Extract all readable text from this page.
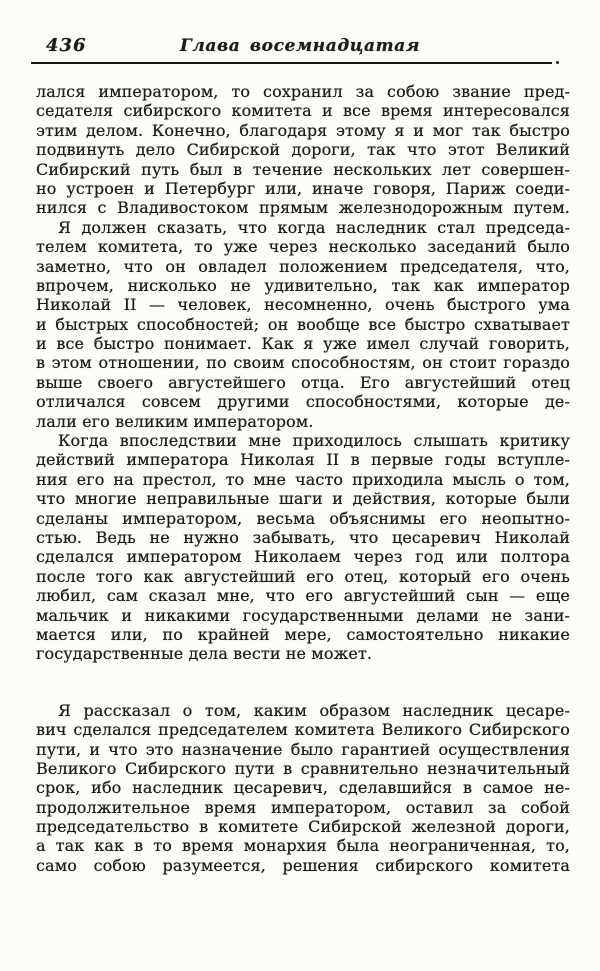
436	Глава восемнадцатая
лался императором, то сохранил за собою звание пред-
седателя сибирского комитета и все время интересовался
этим делом. Конечно, благодаря этому я и мог так быстро
подвинуть дело Сибирской дороги, так что этот Великий
Сибирский путь был в течение нескольких лет совершен-
но устроен и Петербург или, иначе говоря, Париж соеди-
нился с Владивостоком прямым железнодорожным путем.
Я должен сказать, что когда наследник стал председа-
телем комитета, то уже через несколько заседаний было
заметно, что он овладел положением председателя, что,
впрочем, нисколько не удивительно, так как император
Николай II — человек, несомненно, очень быстрого ума
и быстрых способностей; он вообще все быстро схватывает
и все быстро понимает. Как я уже имел случай говорить,
в этом отношении, по своим способностям, он стоит гораздо
выше своего августейшего отца. Его августейший отец
отличался совсем другими способностями, которые де-
лали его великим императором.
Когда впоследствии мне приходилось слышать критику
действий императора Николая II в первые годы вступле-
ния его на престол, то мне часто приходила мысль о том,
что многие неправильные шаги и действия, которые были
сделаны императором, весьма объяснимы его неопытно-
стью. Ведь не нужно забывать, что цесаревич Николай
сделался императором Николаем через год или полтора
после того как августейший его отец, который его очень
любил, сам сказал мне, что его августейший сын — еще
мальчик и никакими государственными делами не зани-
мается или, по крайней мере, самостоятельно никакие
государственные дела вести не может.
Я рассказал о том, каким образом наследник цесаре-
вич сделался председателем комитета Великого Сибирского
пути, и что это назначение было гарантией осуществления
Великого Сибирского пути в сравнительно незначительный
срок, ибо наследник цесаревич, сделавшийся в самое не-
продолжительное время императором, оставил за собой
председательство в комитете Сибирской железной дороги,
а так как в то время монархия была неограниченная, то,
само собою разумеется, решения сибирского комитета
